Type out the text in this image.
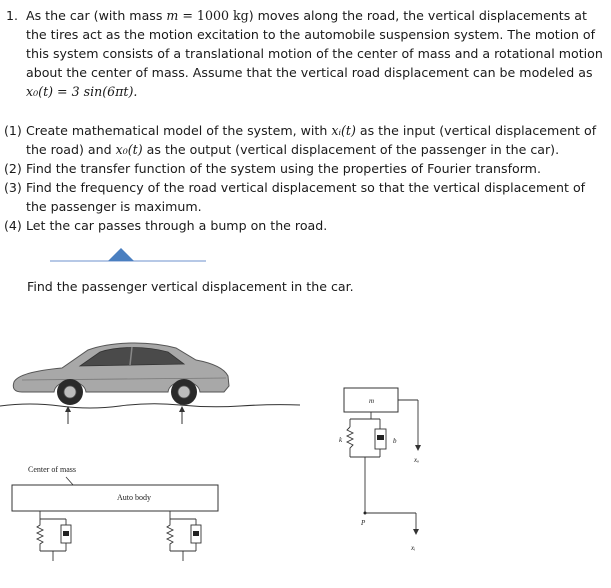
1. As the car (with mass m = 1000 kg) moves along the road, the vertical displacements at
the tires act as the motion excitation to the automobile suspension system. The motion of
this system consists of a translational motion of the center of mass and a rotational motion
about the center of mass. Assume that the vertical road displacement can be modeled as
x₀(t) = 3 sin(6πt).
(1) Create mathematical model of the system, with xᵢ(t) as the input (vertical displacement of
the road) and x₀(t) as the output (vertical displacement of the passenger in the car).
(2) Find the transfer function of the system using the properties of Fourier transform.
(3) Find the frequency of the road vertical displacement so that the vertical displacement of
the passenger is maximum.
(4) Let the car passes through a bump on the road.
Find the passenger vertical displacement in the car.
Center of mass
Auto body
m
k	b
P
xₒ
xᵢ
